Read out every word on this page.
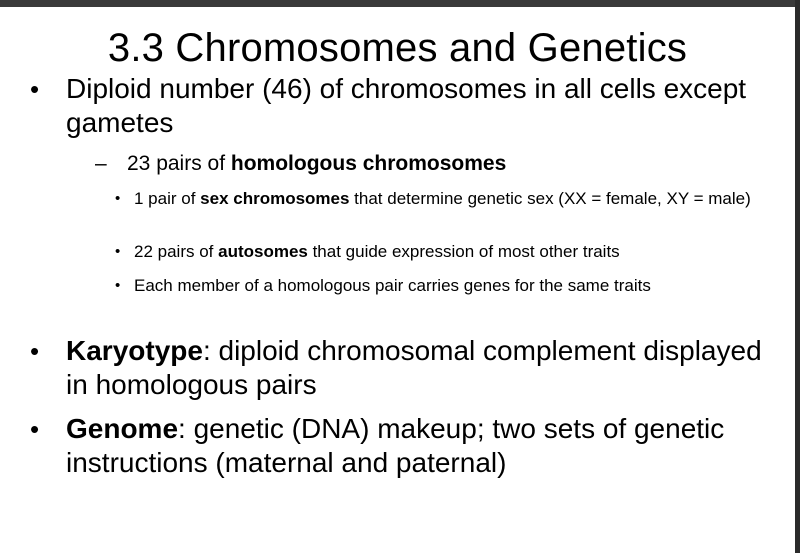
3.3 Chromosomes and Genetics
• Diploid number (46) of chromosomes in all cells except gametes
– 23 pairs of homologous chromosomes
• 1 pair of sex chromosomes that determine genetic sex (XX = female, XY = male)
• 22 pairs of autosomes that guide expression of most other traits
• Each member of a homologous pair carries genes for the same traits
• Karyotype: diploid chromosomal complement displayed in homologous pairs
• Genome: genetic (DNA) makeup; two sets of genetic instructions (maternal and paternal)
